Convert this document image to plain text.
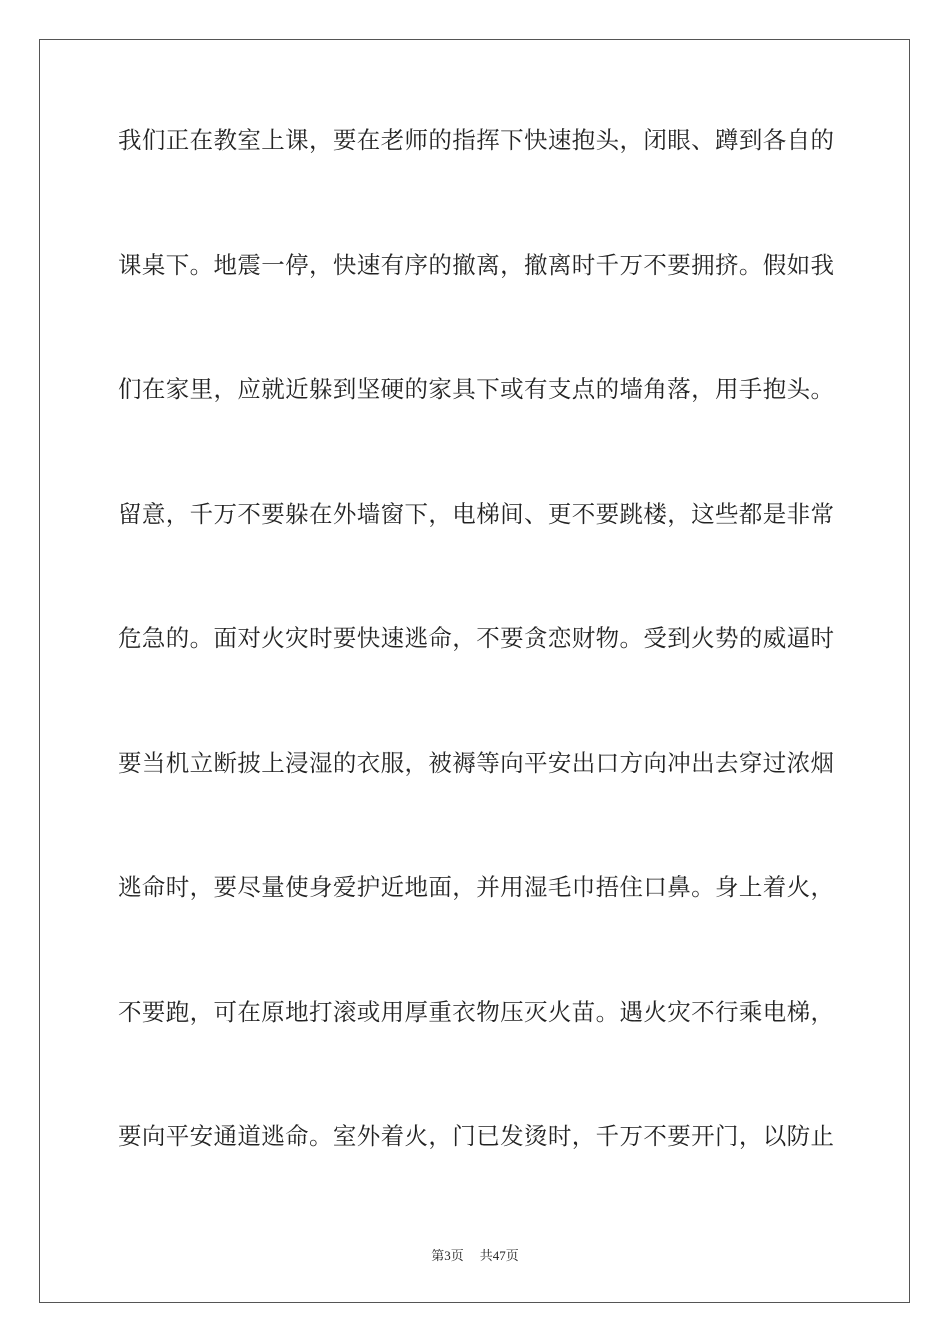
我们正在教室上课，要在老师的指挥下快速抱头，闭眼、蹲到各自的

课桌下。地震一停，快速有序的撤离，撤离时千万不要拥挤。假如我

们在家里，应就近躲到坚硬的家具下或有支点的墙角落，用手抱头。

留意，千万不要躲在外墙窗下，电梯间、更不要跳楼，这些都是非常

危急的。面对火灾时要快速逃命，不要贪恋财物。受到火势的威逼时

要当机立断披上浸湿的衣服，被褥等向平安出口方向冲出去穿过浓烟

逃命时，要尽量使身爱护近地面，并用湿毛巾捂住口鼻。身上着火，

不要跑，可在原地打滚或用厚重衣物压灭火苗。遇火灾不行乘电梯，

要向平安通道逃命。室外着火，门已发烫时，千万不要开门，以防止

第3页 共47页
